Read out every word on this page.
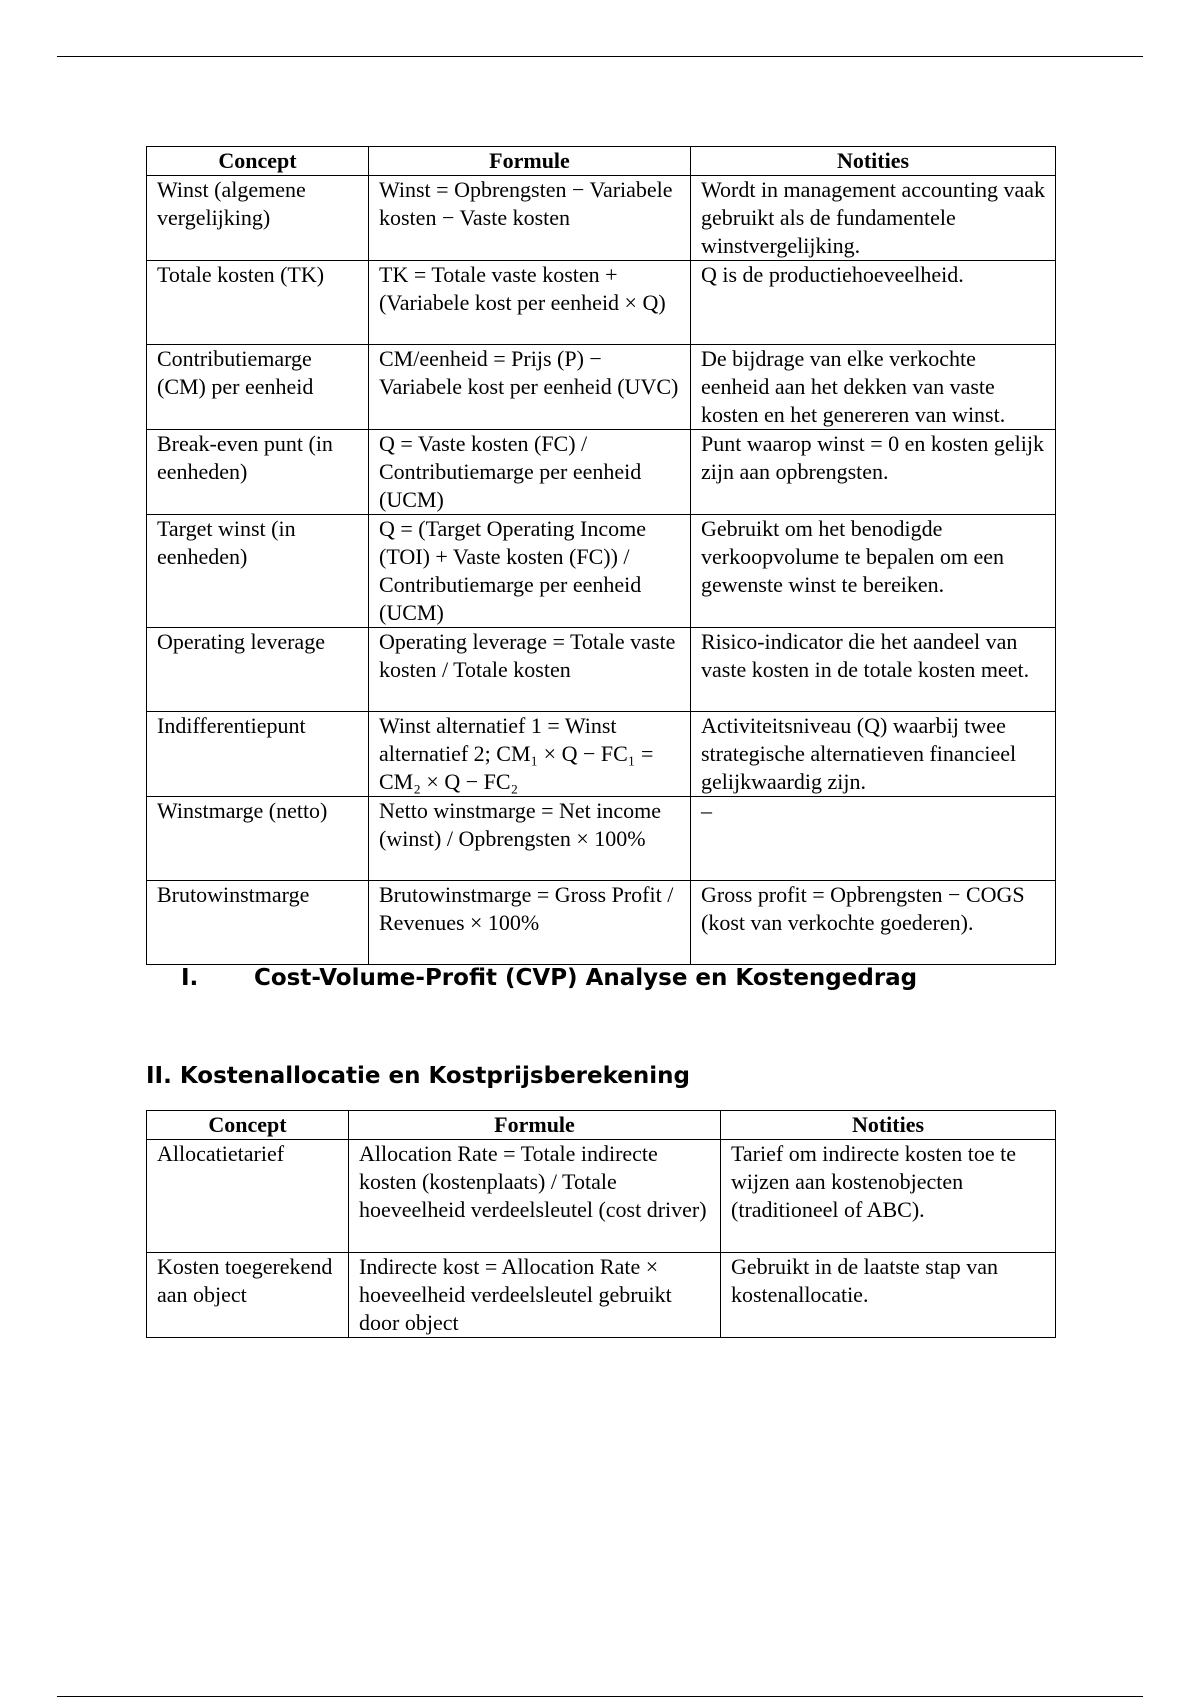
Concept	Formule	Notities
Winst (algemene vergelijking)	Winst = Opbrengsten − Variabele kosten − Vaste kosten	Wordt in management accounting vaak gebruikt als de fundamentele winstvergelijking.
Totale kosten (TK)	TK = Totale vaste kosten + (Variabele kost per eenheid × Q)	Q is de productiehoeveelheid.
Contributiemarge (CM) per eenheid	CM/eenheid = Prijs (P) − Variabele kost per eenheid (UVC)	De bijdrage van elke verkochte eenheid aan het dekken van vaste kosten en het genereren van winst.
Break-even punt (in eenheden)	Q = Vaste kosten (FC) / Contributiemarge per eenheid (UCM)	Punt waarop winst = 0 en kosten gelijk zijn aan opbrengsten.
Target winst (in eenheden)	Q = (Target Operating Income (TOI) + Vaste kosten (FC)) / Contributiemarge per eenheid (UCM)	Gebruikt om het benodigde verkoopvolume te bepalen om een gewenste winst te bereiken.
Operating leverage	Operating leverage = Totale vaste kosten / Totale kosten	Risico-indicator die het aandeel van vaste kosten in de totale kosten meet.
Indifferentiepunt	Winst alternatief 1 = Winst alternatief 2; CM₁ × Q − FC₁ = CM₂ × Q − FC₂	Activiteitsniveau (Q) waarbij twee strategische alternatieven financieel gelijkwaardig zijn.
Winstmarge (netto)	Netto winstmarge = Net income (winst) / Opbrengsten × 100%	–
Brutowinstmarge	Brutowinstmarge = Gross Profit / Revenues × 100%	Gross profit = Opbrengsten − COGS (kost van verkochte goederen).
I. Cost-Volume-Profit (CVP) Analyse en Kostengedrag
II. Kostenallocatie en Kostprijsberekening
Concept	Formule	Notities
Allocatietarief	Allocation Rate = Totale indirecte kosten (kostenplaats) / Totale hoeveelheid verdeelsleutel (cost driver)	Tarief om indirecte kosten toe te wijzen aan kostenobjecten (traditioneel of ABC).
Kosten toegerekend aan object	Indirecte kost = Allocation Rate × hoeveelheid verdeelsleutel gebruikt door object	Gebruikt in de laatste stap van kostenallocatie.
